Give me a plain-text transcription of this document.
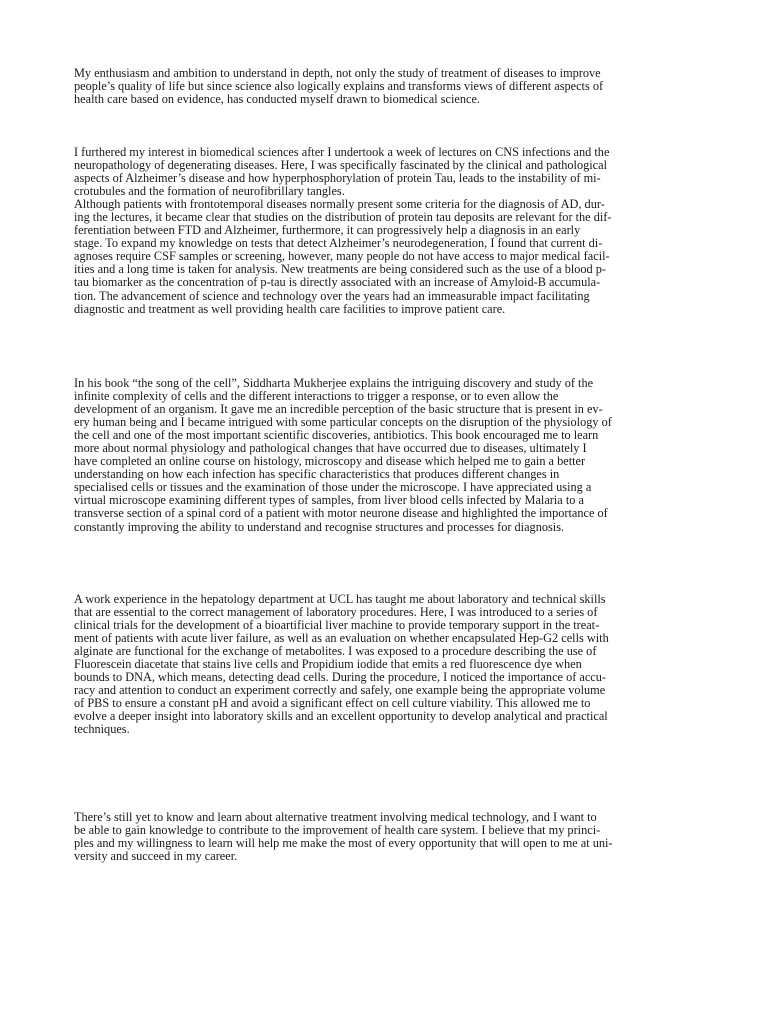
My enthusiasm and ambition to understand in depth, not only the study of treatment of diseases to improve
people’s quality of life but since science also logically explains and transforms views of different aspects of
health care based on evidence, has conducted myself drawn to biomedical science.
I furthered my interest in biomedical sciences after I undertook a week of lectures on CNS infections and the
neuropathology of degenerating diseases. Here, I was specifically fascinated by the clinical and pathological
aspects of Alzheimer’s disease and how hyperphosphorylation of protein Tau, leads to the instability of mi-
crotubules and the formation of neurofibrillary tangles.
Although patients with frontotemporal diseases normally present some criteria for the diagnosis of AD, dur-
ing the lectures, it became clear that studies on the distribution of protein tau deposits are relevant for the dif-
ferentiation between FTD and Alzheimer, furthermore, it can progressively help a diagnosis in an early
stage. To expand my knowledge on tests that detect Alzheimer’s neurodegeneration, I found that current di-
agnoses require CSF samples or screening, however, many people do not have access to major medical facil-
ities and a long time is taken for analysis. New treatments are being considered such as the use of a blood p-
tau biomarker as the concentration of p-tau is directly associated with an increase of Amyloid-B accumula-
tion. The advancement of science and technology over the years had an immeasurable impact facilitating
diagnostic and treatment as well providing health care facilities to improve patient care.
In his book “the song of the cell”, Siddharta Mukherjee explains the intriguing discovery and study of the
infinite complexity of cells and the different interactions to trigger a response, or to even allow the
development of an organism. It gave me an incredible perception of the basic structure that is present in ev-
ery human being and I became intrigued with some particular concepts on the disruption of the physiology of
the cell and one of the most important scientific discoveries, antibiotics. This book encouraged me to learn
more about normal physiology and pathological changes that have occurred due to diseases, ultimately I
have completed an online course on histology, microscopy and disease which helped me to gain a better
understanding on how each infection has specific characteristics that produces different changes in
specialised cells or tissues and the examination of those under the microscope. I have appreciated using a
virtual microscope examining different types of samples, from liver blood cells infected by Malaria to a
transverse section of a spinal cord of a patient with motor neurone disease and highlighted the importance of
constantly improving the ability to understand and recognise structures and processes for diagnosis.
A work experience in the hepatology department at UCL has taught me about laboratory and technical skills
that are essential to the correct management of laboratory procedures. Here, I was introduced to a series of
clinical trials for the development of a bioartificial liver machine to provide temporary support in the treat-
ment of patients with acute liver failure, as well as an evaluation on whether encapsulated Hep-G2 cells with
alginate are functional for the exchange of metabolites. I was exposed to a procedure describing the use of
Fluorescein diacetate that stains live cells and Propidium iodide that emits a red fluorescence dye when
bounds to DNA, which means, detecting dead cells. During the procedure, I noticed the importance of accu-
racy and attention to conduct an experiment correctly and safely, one example being the appropriate volume
of PBS to ensure a constant pH and avoid a significant effect on cell culture viability. This allowed me to
evolve a deeper insight into laboratory skills and an excellent opportunity to develop analytical and practical
techniques.
There’s still yet to know and learn about alternative treatment involving medical technology, and I want to
be able to gain knowledge to contribute to the improvement of health care system. I believe that my princi-
ples and my willingness to learn will help me make the most of every opportunity that will open to me at uni-
versity and succeed in my career.
